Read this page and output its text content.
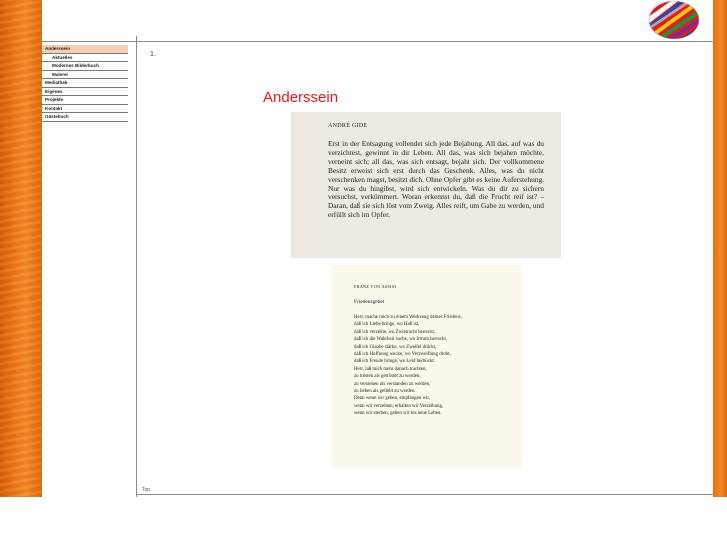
Anderssein
Aktuelles
Modernes Bilderbuch
Malerei
Mediathek
Eigenes
Projekte
Kontakt
Gästebuch
1.
Anderssein
ANDRÉ GIDE
Erst in der Entsagung vollendet sich jede Bejahung. All das, auf was du verzichtest, gewinnt in dir Leben. All das, was sich bejahen möchte, verneint sich; all das, was sich entsagt, bejaht sich. Der vollkommene Besitz erweist sich erst durch das Geschenk. Alles, was du nicht verschenken magst, besitzt dich. Ohne Opfer gibt es keine Auferstehung. Nur was du hingibst, wird sich entwickeln. Was du dir zu sichern versuchst, verkümmert. Woran erkennst du, daß die Frucht reif ist? – Daran, daß sie sich löst vom Zweig. Alles reift, um Gabe zu werden, und erfüllt sich im Opfer.
FRANZ VON ASSISI
Friedensgebet
Herr, mache mich zu einem Werkzeug deines Friedens,
daß ich Liebe bringe, wo Haß ist,
daß ich verzeihe, wo Zwietracht herrscht,
daß ich die Wahrheit suche, wo Irrtum herrscht,
daß ich Glaube stärke, wo Zweifel drückt,
daß ich Hoffnung wecke, wo Verzweiflung droht,
daß ich Freude bringe, wo Leid bedrückt.
Herr, laß mich mehr danach trachten,
zu trösten als getröstet zu werden,
zu verstehen als verstanden zu werden,
zu lieben als geliebt zu werden.
Denn wenn wir geben, empfangen wir,
wenn wir verzeihen, erhalten wir Verzeihung,
wenn wir sterben, gehen wir ins neue Leben.
Top
